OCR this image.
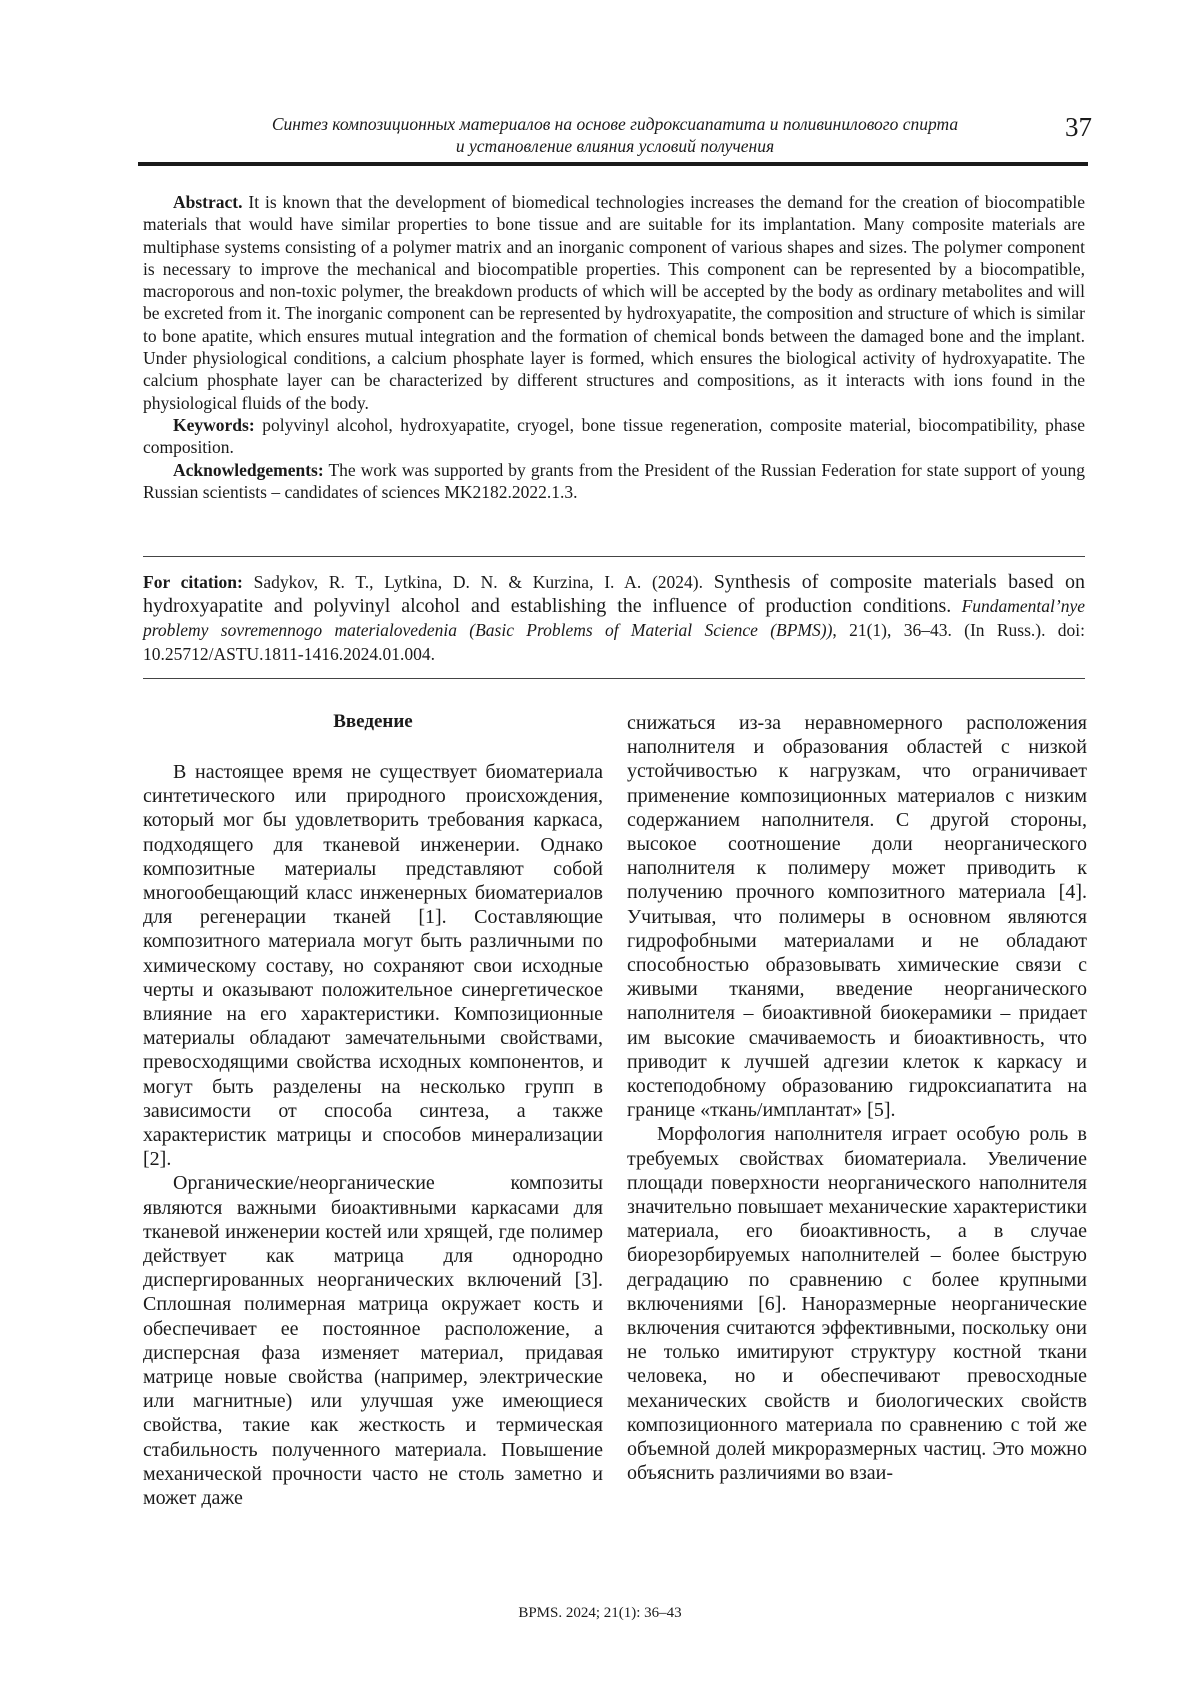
Синтез композиционных материалов на основе гидроксиапатита и поливинилового спирта
и установление влияния условий получения
37

Abstract. It is known that the development of biomedical technologies increases the demand for the creation of biocompatible materials that would have similar properties to bone tissue and are suitable for its implantation. Many composite materials are multiphase systems consisting of a polymer matrix and an inorganic component of various shapes and sizes. The polymer component is necessary to improve the mechanical and biocompatible properties. This component can be represented by a biocompatible, macroporous and non-toxic polymer, the breakdown products of which will be accepted by the body as ordinary metabolites and will be excreted from it. The inorganic component can be represented by hydroxyapatite, the composition and structure of which is similar to bone apatite, which ensures mutual integration and the formation of chemical bonds between the damaged bone and the implant. Under physiological conditions, a calcium phosphate layer is formed, which ensures the biological activity of hydroxyapatite. The calcium phosphate layer can be characterized by different structures and compositions, as it interacts with ions found in the physiological fluids of the body.

Keywords: polyvinyl alcohol, hydroxyapatite, cryogel, bone tissue regeneration, composite material, biocompatibility, phase composition.

Acknowledgements: The work was supported by grants from the President of the Russian Federation for state support of young Russian scientists – candidates of sciences MK2182.2022.1.3.

For citation: Sadykov, R. T., Lytkina, D. N. & Kurzina, I. A. (2024). Synthesis of composite materials based on hydroxyapatite and polyvinyl alcohol and establishing the influence of production conditions. Fundamental’nye problemy sovremennogo materialovedenia (Basic Problems of Material Science (BPMS)), 21(1), 36–43. (In Russ.). doi: 10.25712/ASTU.1811-1416.2024.01.004.
Введение

В настоящее время не существует биоматериала синтетического или природного происхождения, который мог бы удовлетворить требования каркаса, подходящего для тканевой инженерии. Однако композитные материалы представляют собой многообещающий класс инженерных биоматериалов для регенерации тканей [1]. Составляющие композитного материала могут быть различными по химическому составу, но сохраняют свои исходные черты и оказывают положительное синергетическое влияние на его характеристики. Композиционные материалы обладают замечательными свойствами, превосходящими свойства исходных компонентов, и могут быть разделены на несколько групп в зависимости от способа синтеза, а также характеристик матрицы и способов минерализации [2].

Органические/неорганические композиты являются важными биоактивными каркасами для тканевой инженерии костей или хрящей, где полимер действует как матрица для однородно диспергированных неорганических включений [3]. Сплошная полимерная матрица окружает кость и обеспечивает ее постоянное расположение, а дисперсная фаза изменяет материал, придавая матрице новые свойства (например, электрические или магнитные) или улучшая уже имеющиеся свойства, такие как жесткость и термическая стабильность полученного материала. Повышение механической прочности часто не столь заметно и может даже

снижаться из-за неравномерного расположения наполнителя и образования областей с низкой устойчивостью к нагрузкам, что ограничивает применение композиционных материалов с низким содержанием наполнителя. С другой стороны, высокое соотношение доли неорганического наполнителя к полимеру может приводить к получению прочного композитного материала [4]. Учитывая, что полимеры в основном являются гидрофобными материалами и не обладают способностью образовывать химические связи с живыми тканями, введение неорганического наполнителя – биоактивной биокерамики – придает им высокие смачиваемость и биоактивность, что приводит к лучшей адгезии клеток к каркасу и костеподобному образованию гидроксиапатита на границе «ткань/имплантат» [5].

Морфология наполнителя играет особую роль в требуемых свойствах биоматериала. Увеличение площади поверхности неорганического наполнителя значительно повышает механические характеристики материала, его биоактивность, а в случае биорезорбируемых наполнителей – более быструю деградацию по сравнению с более крупными включениями [6]. Наноразмерные неорганические включения считаются эффективными, поскольку они не только имитируют структуру костной ткани человека, но и обеспечивают превосходные механических свойств и биологических свойств композиционного материала по сравнению с той же объемной долей микроразмерных частиц. Это можно объяснить различиями во взаи-

BPMS. 2024; 21(1): 36–43
